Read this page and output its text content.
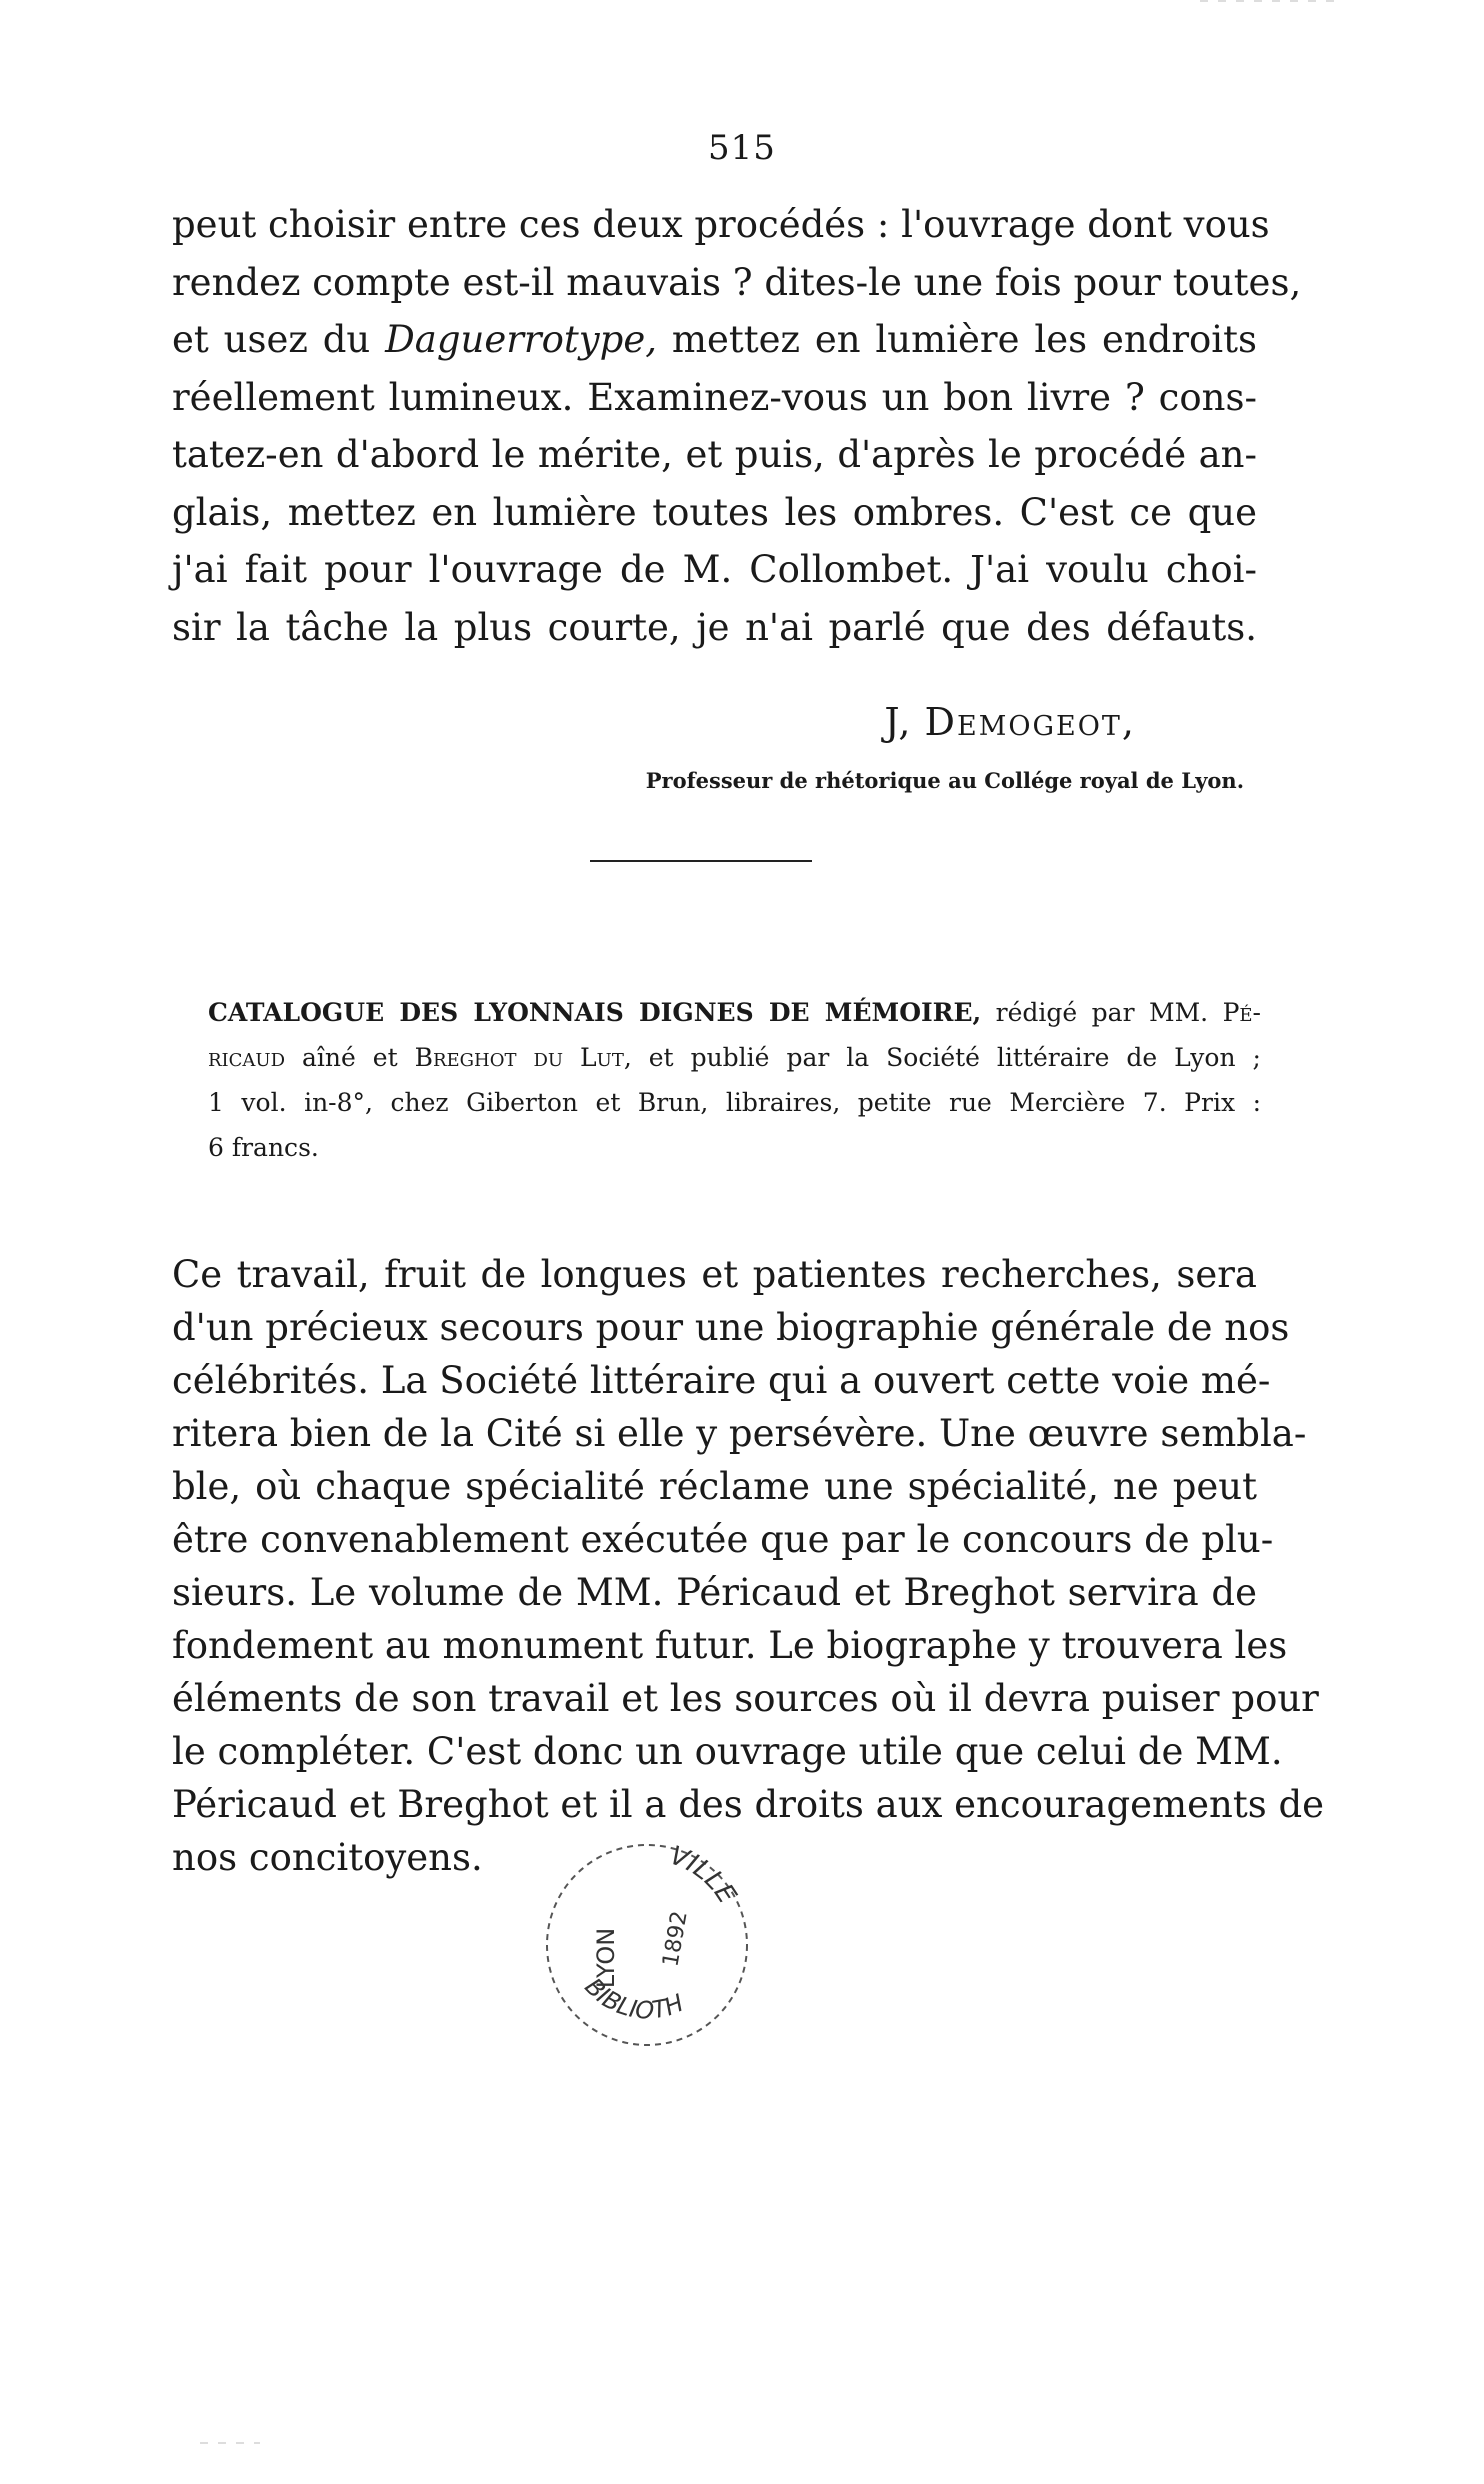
515
peut choisir entre ces deux procédés : l'ouvrage dont vous
rendez compte est-il mauvais ? dites-le une fois pour toutes,
et usez du Daguerrotype, mettez en lumière les endroits
réellement lumineux. Examinez-vous un bon livre ? cons-
tatez-en d'abord le mérite, et puis, d'après le procédé an-
glais, mettez en lumière toutes les ombres. C'est ce que
j'ai fait pour l'ouvrage de M. Collombet. J'ai voulu choi-
sir la tâche la plus courte, je n'ai parlé que des défauts.
J, Demogeot,
Professeur de rhétorique au Collége royal de Lyon.
CATALOGUE DES LYONNAIS DIGNES DE MÉMOIRE, rédigé par MM. Pé-
ricaud aîné et Breghot du Lut, et publié par la Société littéraire de Lyon ;
1 vol. in-8°, chez Giberton et Brun, libraires, petite rue Mercière 7. Prix :
6 francs.
Ce travail, fruit de longues et patientes recherches, sera
d'un précieux secours pour une biographie générale de nos
célébrités. La Société littéraire qui a ouvert cette voie mé-
ritera bien de la Cité si elle y persévère. Une œuvre sembla-
ble, où chaque spécialité réclame une spécialité, ne peut
être convenablement exécutée que par le concours de plu-
sieurs. Le volume de MM. Péricaud et Breghot servira de
fondement au monument futur. Le biographe y trouvera les
éléments de son travail et les sources où il devra puiser pour
le compléter. C'est donc un ouvrage utile que celui de MM.
Péricaud et Breghot et il a des droits aux encouragements de
nos concitoyens.	VILLE
LYON 1892
BIBLIOTH
